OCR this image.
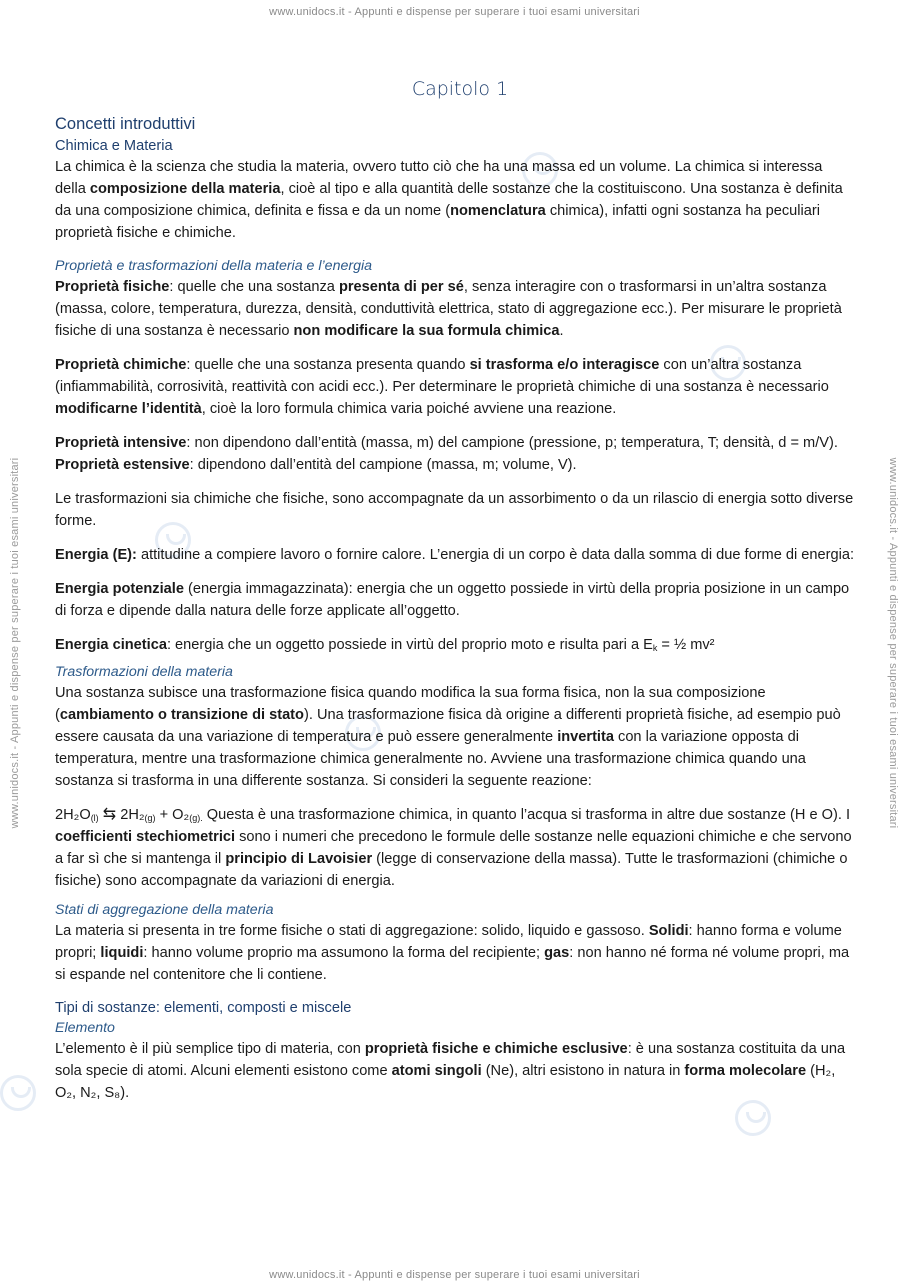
www.unidocs.it - Appunti e dispense per superare i tuoi esami universitari
www.unidocs.it - Appunti e dispense per superare i tuoi esami universitari
www.unidocs.it - Appunti e dispense per superare i tuoi esami universitari	www.unidocs.it - Appunti e dispense per superare i tuoi esami universitari
Capitolo 1
Concetti introduttivi
Chimica e Materia

La chimica è la scienza che studia la materia, ovvero tutto ciò che ha una massa ed un volume. La chimica si interessa della composizione della materia, cioè al tipo e alla quantità delle sostanze che la costituiscono. Una sostanza è definita da una composizione chimica, definita e fissa e da un nome (nomenclatura chimica), infatti ogni sostanza ha peculiari proprietà fisiche e chimiche.

Proprietà e trasformazioni della materia e l’energia

Proprietà fisiche: quelle che una sostanza presenta di per sé, senza interagire con o trasformarsi in un’altra sostanza (massa, colore, temperatura, durezza, densità, conduttività elettrica, stato di aggregazione ecc.). Per misurare le proprietà fisiche di una sostanza è necessario non modificare la sua formula chimica.

Proprietà chimiche: quelle che una sostanza presenta quando si trasforma e/o interagisce con un’altra sostanza (infiammabilità, corrosività, reattività con acidi ecc.). Per determinare le proprietà chimiche di una sostanza è necessario modificarne l’identità, cioè la loro formula chimica varia poiché avviene una reazione.

Proprietà intensive: non dipendono dall’entità (massa, m) del campione (pressione, p; temperatura, T; densità, d = m/V).

Proprietà estensive: dipendono dall’entità del campione (massa, m; volume, V).

Le trasformazioni sia chimiche che fisiche, sono accompagnate da un assorbimento o da un rilascio di energia sotto diverse forme.

Energia (E): attitudine a compiere lavoro o fornire calore. L’energia di un corpo è data dalla somma di due forme di energia:

Energia potenziale (energia immagazzinata): energia che un oggetto possiede in virtù della propria posizione in un campo di forza e dipende dalla natura delle forze applicate all’oggetto.

Energia cinetica: energia che un oggetto possiede in virtù del proprio moto e risulta pari a $E_k$ = ½ mv²

Trasformazioni della materia

Una sostanza subisce una trasformazione fisica quando modifica la sua forma fisica, non la sua composizione (cambiamento o transizione di stato). Una trasformazione fisica dà origine a differenti proprietà fisiche, ad esempio può essere causata da una variazione di temperatura e può essere generalmente invertita con la variazione opposta di temperatura, mentre una trasformazione chimica generalmente no. Avviene una trasformazione chimica quando una sostanza si trasforma in una differente sostanza. Si consideri la seguente reazione:

$2H_2O_{(l)}$ ⇆ $2H_2_{(g)} + O_2_{(g).}$ Questa è una trasformazione chimica, in quanto l’acqua si trasforma in altre due sostanze (H e O). I coefficienti stechiometrici sono i numeri che precedono le formule delle sostanze nelle equazioni chimiche e che servono a far sì che si mantenga il principio di Lavoisier (legge di conservazione della massa). Tutte le trasformazioni (chimiche o fisiche) sono accompagnate da variazioni di energia.

Stati di aggregazione della materia

La materia si presenta in tre forme fisiche o stati di aggregazione: solido, liquido e gassoso. Solidi: hanno forma e volume propri; liquidi: hanno volume proprio ma assumono la forma del recipiente; gas: non hanno né forma né volume propri, ma si espande nel contenitore che li contiene.

Tipi di sostanze: elementi, composti e miscele
Elemento

L’elemento è il più semplice tipo di materia, con proprietà fisiche e chimiche esclusive: è una sostanza costituita da una sola specie di atomi. Alcuni elementi esistono come atomi singoli (Ne), altri esistono in natura in forma molecolare (H₂, O₂, N₂, S₈).
